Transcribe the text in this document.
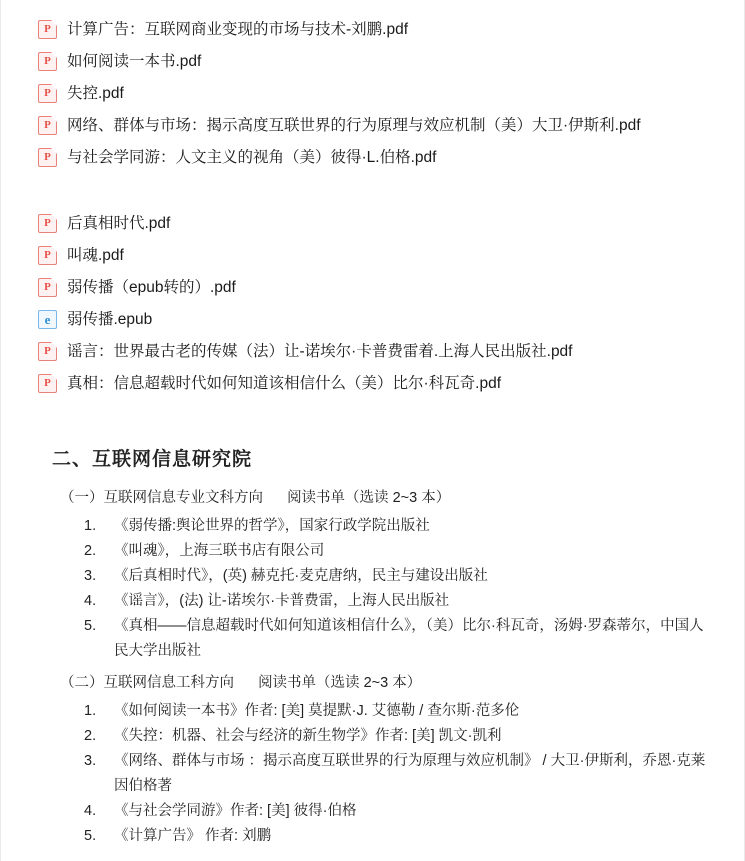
P
计算广告：互联网商业变现的市场与技术-刘鹏.pdf
P
如何阅读一本书.pdf
P
失控.pdf
P
网络、群体与市场：揭示高度互联世界的行为原理与效应机制（美）大卫·伊斯利.pdf
P
与社会学同游：人文主义的视角（美）彼得·L.伯格.pdf
P
后真相时代.pdf
P
叫魂.pdf
P
弱传播（epub转的）.pdf
e
弱传播.epub
P
谣言：世界最古老的传媒（法）让-诺埃尔·卡普费雷着.上海人民出版社.pdf
P
真相：信息超载时代如何知道该相信什么（美）比尔·科瓦奇.pdf
二、互联网信息研究院
（一）互联网信息专业文科方向 阅读书单（选读 2~3 本）
1.	《弱传播:舆论世界的哲学》，国家行政学院出版社
2.	《叫魂》，上海三联书店有限公司
3.	《后真相时代》，(英) 赫克托·麦克唐纳，民主与建设出版社
4.	《谣言》，(法) 让-诺埃尔·卡普费雷，上海人民出版社
5.	《真相——信息超载时代如何知道该相信什么》，（美）比尔·科瓦奇，汤姆·罗森蒂尔，中国人民大学出版社
（二）互联网信息工科方向 阅读书单（选读 2~3 本）
1.	《如何阅读一本书》作者: [美] 莫提默·J. 艾德勒 / 查尔斯·范多伦
2.	《失控：机器、社会与经济的新生物学》作者: [美] 凯文·凯利
3.	《网络、群体与市场 ：揭示高度互联世界的行为原理与效应机制》 / 大卫·伊斯利，乔恩·克莱因伯格著
4.	《与社会学同游》作者: [美] 彼得·伯格
5.	《计算广告》 作者: 刘鹏
